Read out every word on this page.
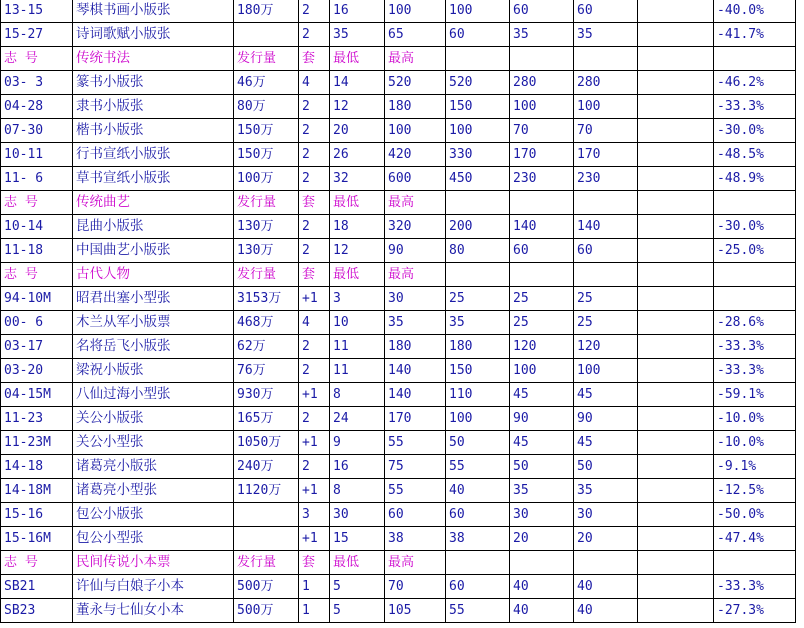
13-15	琴棋书画小版张	180万	2	16	100	100	60	60		-40.0%
15-27	诗词歌赋小版张		2	35	65	60	35	35		-41.7%
志 号	传统书法	发行量	套	最低	最高					
03- 3	篆书小版张	46万	4	14	520	520	280	280		-46.2%
04-28	隶书小版张	80万	2	12	180	150	100	100		-33.3%
07-30	楷书小版张	150万	2	20	100	100	70	70		-30.0%
10-11	行书宣纸小版张	150万	2	26	420	330	170	170		-48.5%
11- 6	草书宣纸小版张	100万	2	32	600	450	230	230		-48.9%
志 号	传统曲艺	发行量	套	最低	最高					
10-14	昆曲小版张	130万	2	18	320	200	140	140		-30.0%
11-18	中国曲艺小版张	130万	2	12	90	80	60	60		-25.0%
志 号	古代人物	发行量	套	最低	最高					
94-10M	昭君出塞小型张	3153万	+1	3	30	25	25	25		
00- 6	木兰从军小版票	468万	4	10	35	35	25	25		-28.6%
03-17	名将岳飞小版张	62万	2	11	180	180	120	120		-33.3%
03-20	梁祝小版张	76万	2	11	140	150	100	100		-33.3%
04-15M	八仙过海小型张	930万	+1	8	140	110	45	45		-59.1%
11-23	关公小版张	165万	2	24	170	100	90	90		-10.0%
11-23M	关公小型张	1050万	+1	9	55	50	45	45		-10.0%
14-18	诸葛亮小版张	240万	2	16	75	55	50	50		-9.1%
14-18M	诸葛亮小型张	1120万	+1	8	55	40	35	35		-12.5%
15-16	包公小版张		3	30	60	60	30	30		-50.0%
15-16M	包公小型张		+1	15	38	38	20	20		-47.4%
志 号	民间传说小本票	发行量	套	最低	最高					
SB21	许仙与白娘子小本	500万	1	5	70	60	40	40		-33.3%
SB23	董永与七仙女小本	500万	1	5	105	55	40	40		-27.3%
